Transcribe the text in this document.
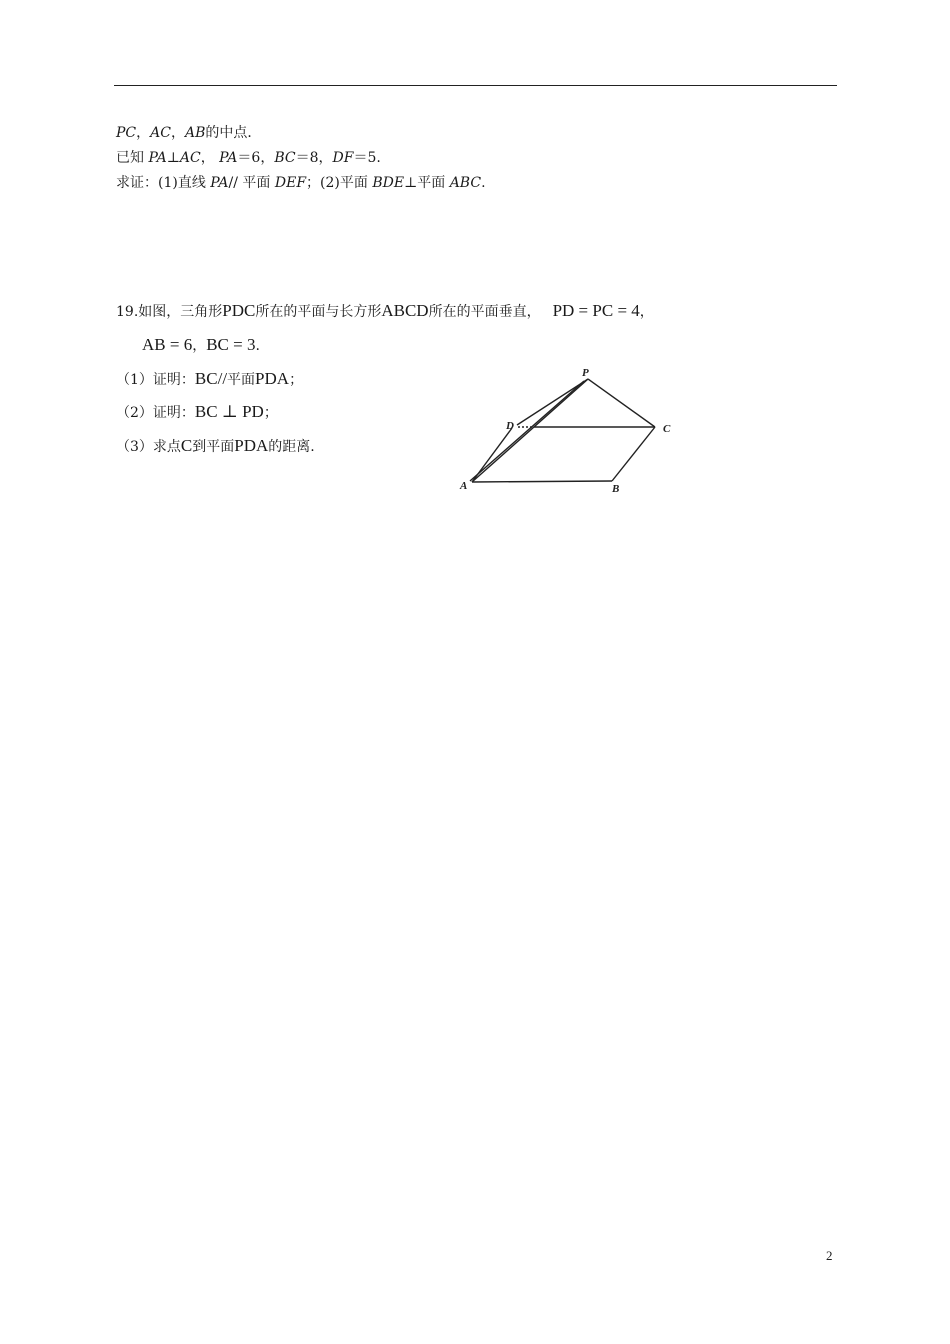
PC，AC，AB的中点．
已知 PA⊥AC， PA＝6，BC＝8，DF＝5.
求证：(1)直线 PA// 平面 DEF；(2)平面 BDE⊥平面 ABC.
19.如图，三角形PDC所在的平面与长方形ABCD所在的平面垂直， PD = PC = 4，
AB = 6，BC = 3.
（1）证明：BC//平面PDA；
（2）证明：BC ⊥ PD；
（3）求点C到平面PDA的距离.
P
D	C
A	B
2
